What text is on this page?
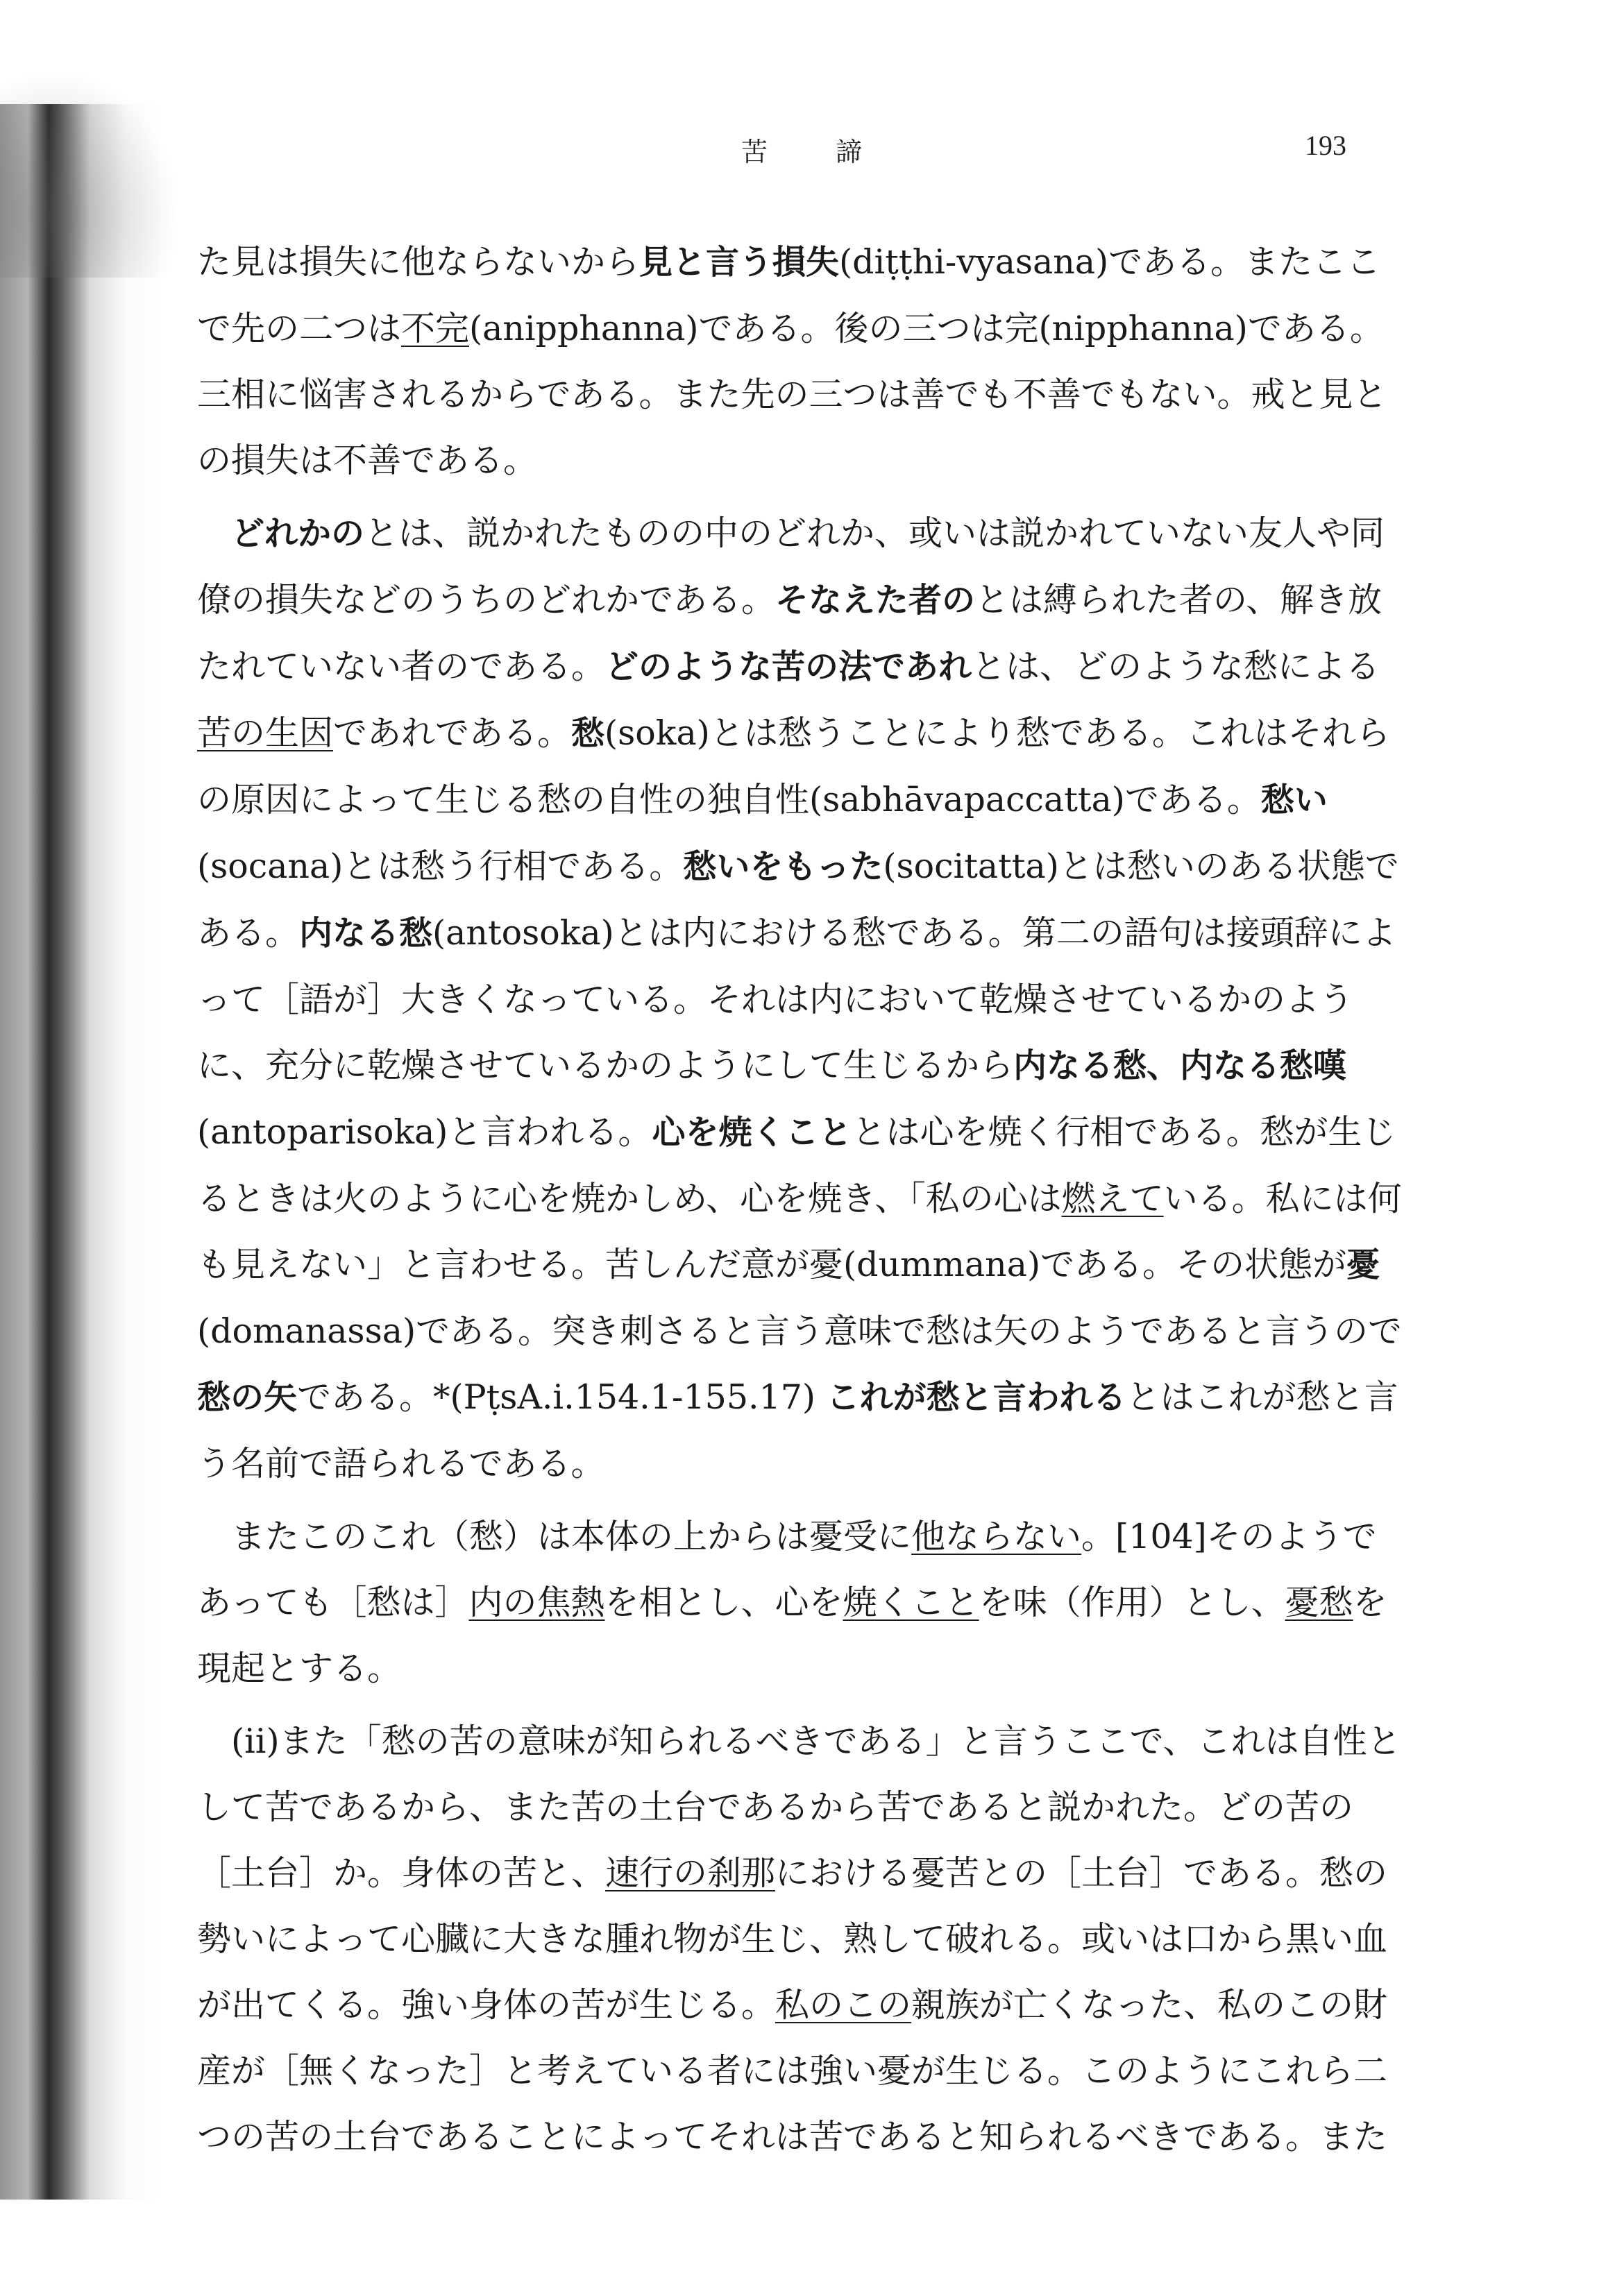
苦　諦	193

た見は損失に他ならないから見と言う損失(diṭṭhi-vyasana)である。またここで先の二つは不完(anipphanna)である。後の三つは完(nipphanna)である。三相に悩害されるからである。また先の三つは善でも不善でもない。戒と見との損失は不善である。

どれかのとは、説かれたものの中のどれか、或いは説かれていない友人や同僚の損失などのうちのどれかである。そなえた者のとは縛られた者の、解き放たれていない者のである。どのような苦の法であれとは、どのような愁による苦の生因であれである。愁(soka)とは愁うことにより愁である。これはそれらの原因によって生じる愁の自性の独自性(sabhāvapaccatta)である。愁い(socana)とは愁う行相である。愁いをもった(socitatta)とは愁いのある状態である。内なる愁(antosoka)とは内における愁である。第二の語句は接頭辞によって［語が］大きくなっている。それは内において乾燥させているかのように、充分に乾燥させているかのようにして生じるから内なる愁、内なる愁嘆(antoparisoka)と言われる。心を焼くこととは心を焼く行相である。愁が生じるときは火のように心を焼かしめ、心を焼き、「私の心は燃えている。私には何も見えない」と言わせる。苦しんだ意が憂(dummana)である。その状態が憂(domanassa)である。突き刺さると言う意味で愁は矢のようであると言うので愁の矢である。*(PṭsA.i.154.1-155.17) これが愁と言われるとはこれが愁と言う名前で語られるである。

またこのこれ（愁）は本体の上からは憂受に他ならない。[104]そのようであっても［愁は］内の焦熱を相とし、心を焼くことを味（作用）とし、憂愁を現起とする。

(ii)また「愁の苦の意味が知られるべきである」と言うここで、これは自性として苦であるから、また苦の土台であるから苦であると説かれた。どの苦の［土台］か。身体の苦と、速行の刹那における憂苦との［土台］である。愁の勢いによって心臓に大きな腫れ物が生じ、熟して破れる。或いは口から黒い血が出てくる。強い身体の苦が生じる。私のこの親族が亡くなった、私のこの財産が［無くなった］と考えている者には強い憂が生じる。このようにこれら二つの苦の土台であることによってそれは苦であると知られるべきである。また
